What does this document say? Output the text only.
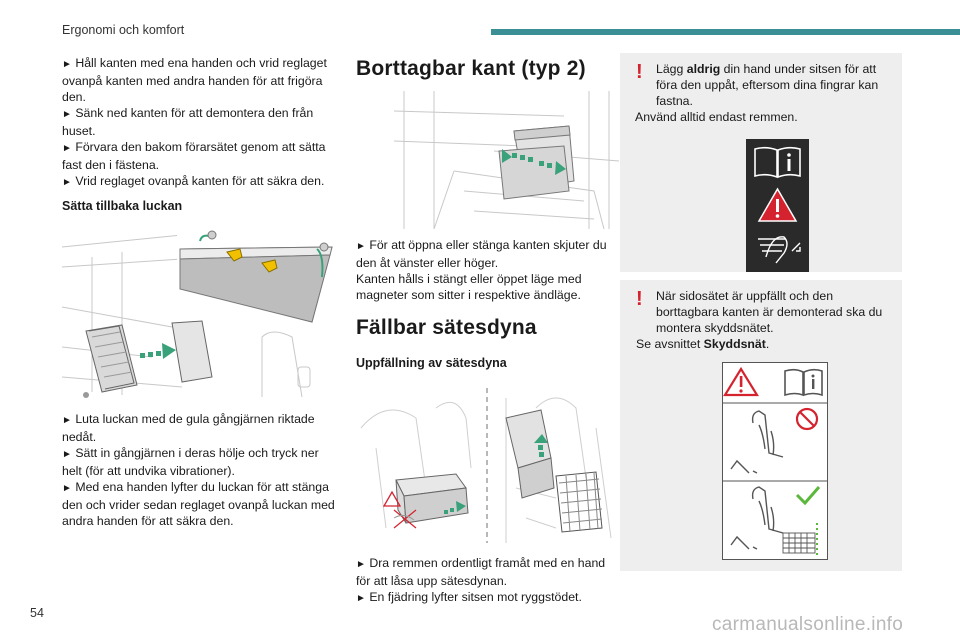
Ergonomi och komfort

► Håll kanten med ena handen och vrid reglaget ovanpå kanten med andra handen för att frigöra den.

► Sänk ned kanten för att demontera den från huset.

► Förvara den bakom förarsätet genom att sätta fast den i fästena.

► Vrid reglaget ovanpå kanten för att säkra den.

Sätta tillbaka luckan

► Luta luckan med de gula gångjärnen riktade nedåt.

► Sätt in gångjärnen i deras hölje och tryck ner helt (för att undvika vibrationer).

► Med ena handen lyfter du luckan för att stänga den och vrider sedan reglaget ovanpå luckan med andra handen för att säkra den.

Borttagbar kant (typ 2)

► För att öppna eller stänga kanten skjuter du den åt vänster eller höger.

Kanten hålls i stängt eller öppet läge med magneter som sitter i respektive ändläge.

Fällbar sätesdyna

Uppfällning av sätesdyna

► Dra remmen ordentligt framåt med en hand för att låsa upp sätesdynan.

► En fjädring lyfter sitsen mot ryggstödet.

! Lägg aldrig din hand under sitsen för att föra den uppåt, eftersom dina fingrar kan fastna.

Använd alltid endast remmen.

! När sidosätet är uppfällt och den borttagbara kanten är demonterad ska du montera skyddsnätet.

Se avsnittet Skyddsnät.

54
carmanualsonline.info
